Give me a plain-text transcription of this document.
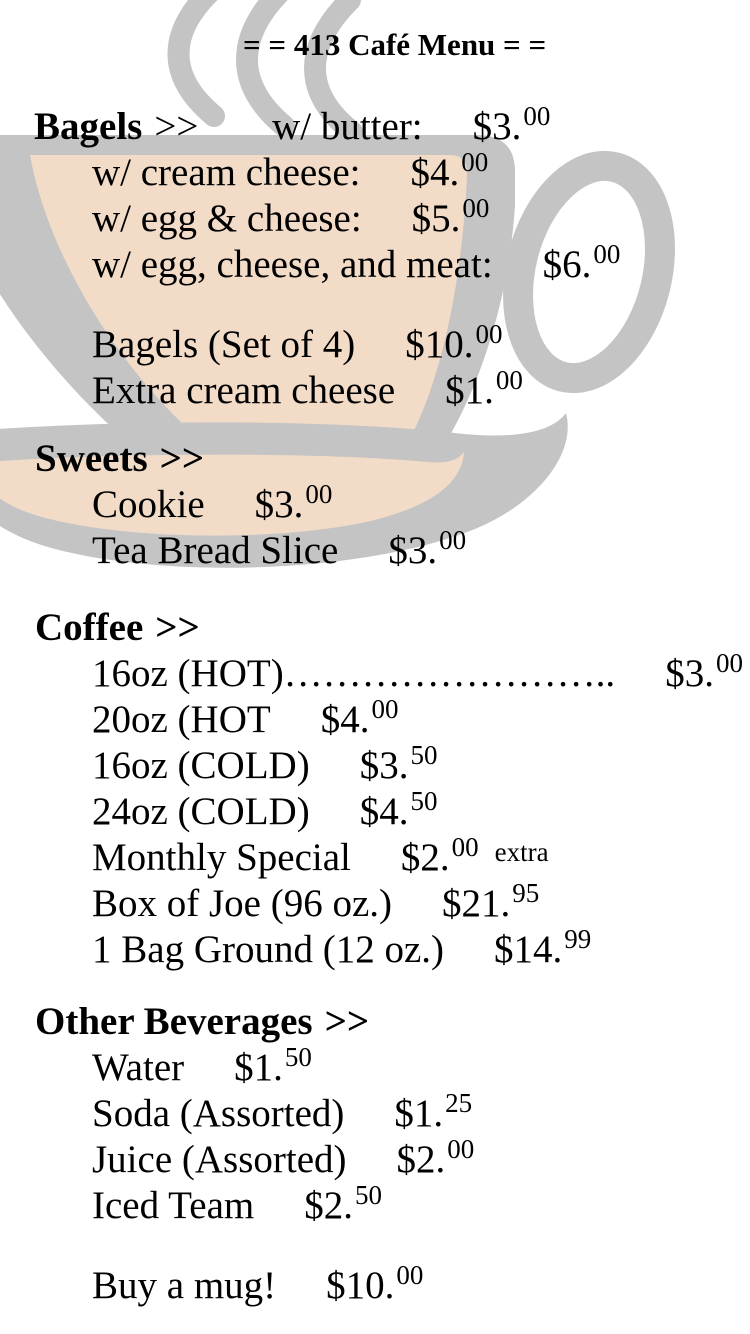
= = 413 Café Menu = =
Bagels >> w/ butter: $3.00
w/ cream cheese: $4.00
w/ egg & cheese: $5.00
w/ egg, cheese, and meat: $6.00
Bagels (Set of 4) $10.00
Extra cream cheese $1.00
Sweets >>
Cookie $3.00
Tea Bread Slice $3.00
Coffee >>
16oz (HOT)…………………….. $3.00
20oz (HOT $4.00
16oz (COLD) $3.50
24oz (COLD) $4.50
Monthly Special $2.00 $^{extra}$
Box of Joe (96 oz.) $21.95
1 Bag Ground (12 oz.) $14.99
Other Beverages >>
Water $1.50
Soda (Assorted) $1.25
Juice (Assorted) $2.00
Iced Team $2.50
Buy a mug! $10.00
